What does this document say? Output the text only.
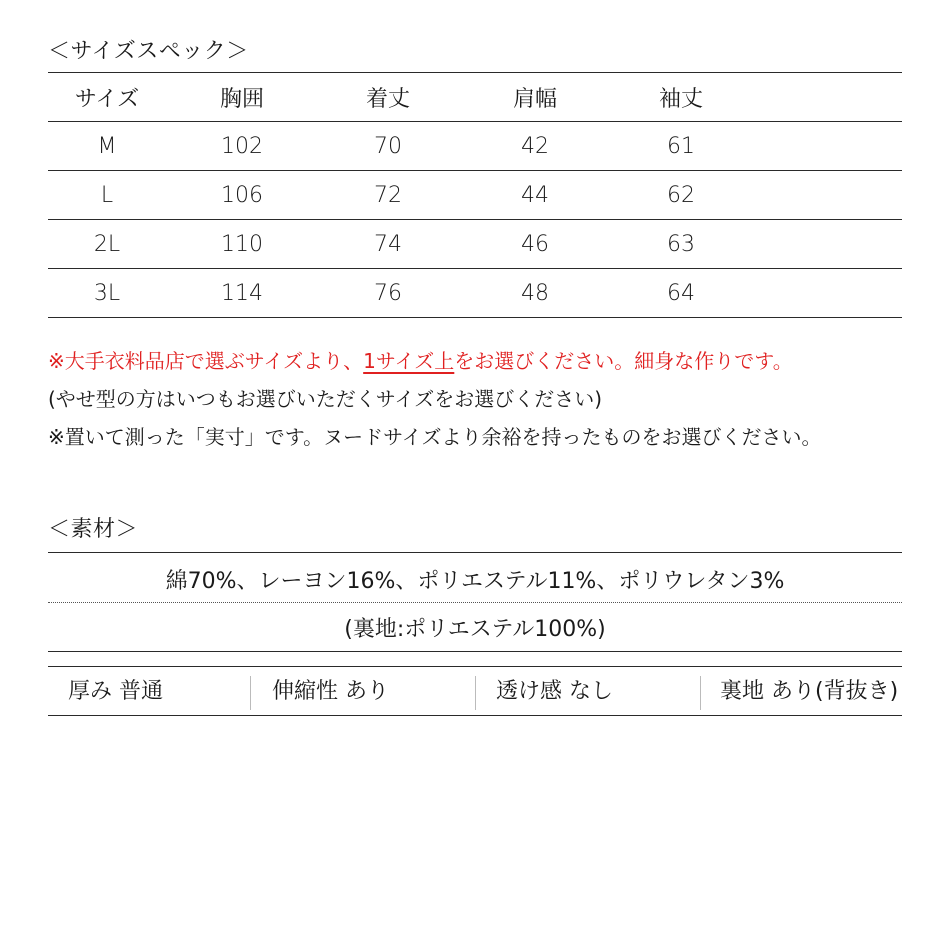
＜サイズスペック＞
サイズ	胸囲	着丈	肩幅	袖丈
M	102	70	42	61
L	106	72	44	62
2L	110	74	46	63
3L	114	76	48	64
※大手衣料品店で選ぶサイズより、1サイズ上をお選びください。細身な作りです。
(やせ型の方はいつもお選びいただくサイズをお選びください)
※置いて測った「実寸」です。ヌードサイズより余裕を持ったものをお選びください。
＜素材＞
綿70%、レーヨン16%、ポリエステル11%、ポリウレタン3%
(裏地:ポリエステル100%)
厚み 普通	伸縮性 あり	透け感 なし	裏地 あり(背抜き)
